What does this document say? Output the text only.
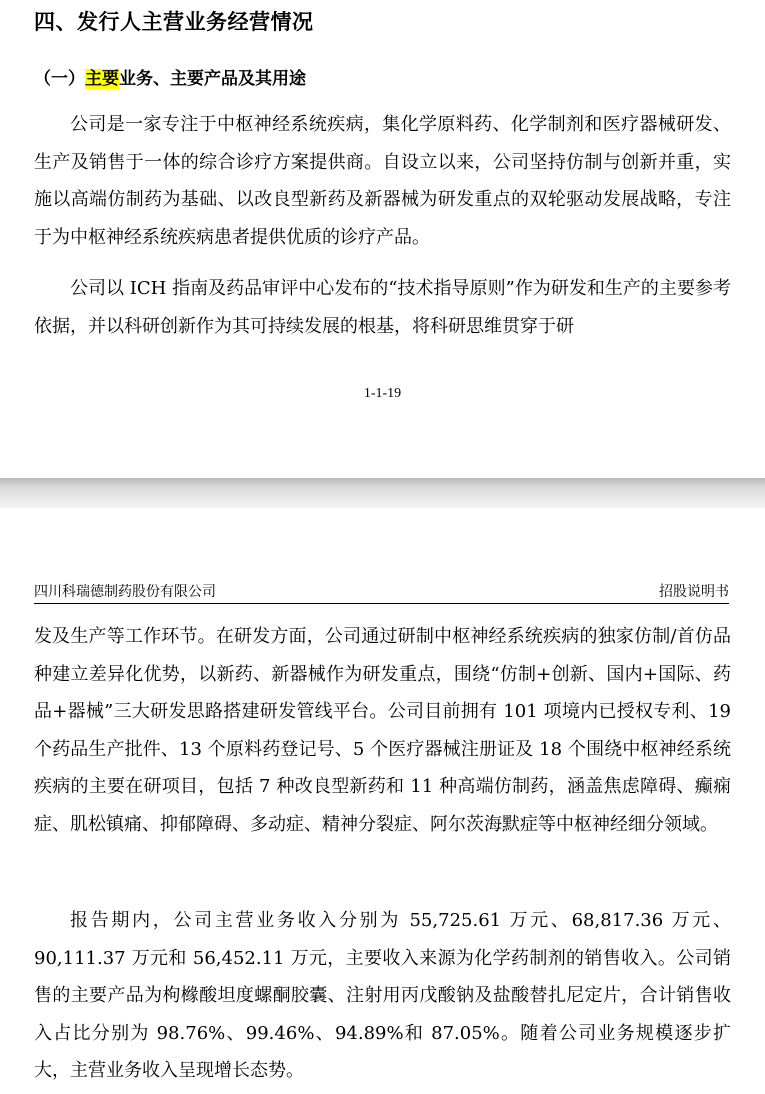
四、发行人主营业务经营情况
（一）主要业务、主要产品及其用途
公司是一家专注于中枢神经系统疾病，集化学原料药、化学制剂和医疗器械研发、生产及销售于一体的综合诊疗方案提供商。自设立以来，公司坚持仿制与创新并重，实施以高端仿制药为基础、以改良型新药及新器械为研发重点的双轮驱动发展战略，专注于为中枢神经系统疾病患者提供优质的诊疗产品。
公司以 ICH 指南及药品审评中心发布的“技术指导原则”作为研发和生产的主要参考依据，并以科研创新作为其可持续发展的根基，将科研思维贯穿于研
1-1-19
四川科瑞德制药股份有限公司	招股说明书
发及生产等工作环节。在研发方面，公司通过研制中枢神经系统疾病的独家仿制/首仿品种建立差异化优势，以新药、新器械作为研发重点，围绕“仿制+创新、国内+国际、药品+器械”三大研发思路搭建研发管线平台。公司目前拥有 101 项境内已授权专利、19 个药品生产批件、13 个原料药登记号、5 个医疗器械注册证及 18 个围绕中枢神经系统疾病的主要在研项目，包括 7 种改良型新药和 11 种高端仿制药，涵盖焦虑障碍、癫痫症、肌松镇痛、抑郁障碍、多动症、精神分裂症、阿尔茨海默症等中枢神经细分领域。
报告期内，公司主营业务收入分别为 55,725.61 万元、68,817.36 万元、90,111.37 万元和 56,452.11 万元，主要收入来源为化学药制剂的销售收入。公司销售的主要产品为枸橼酸坦度螺酮胶囊、注射用丙戊酸钠及盐酸替扎尼定片，合计销售收入占比分别为 98.76%、99.46%、94.89%和 87.05%。随着公司业务规模逐步扩大，主营业务收入呈现增长态势。
